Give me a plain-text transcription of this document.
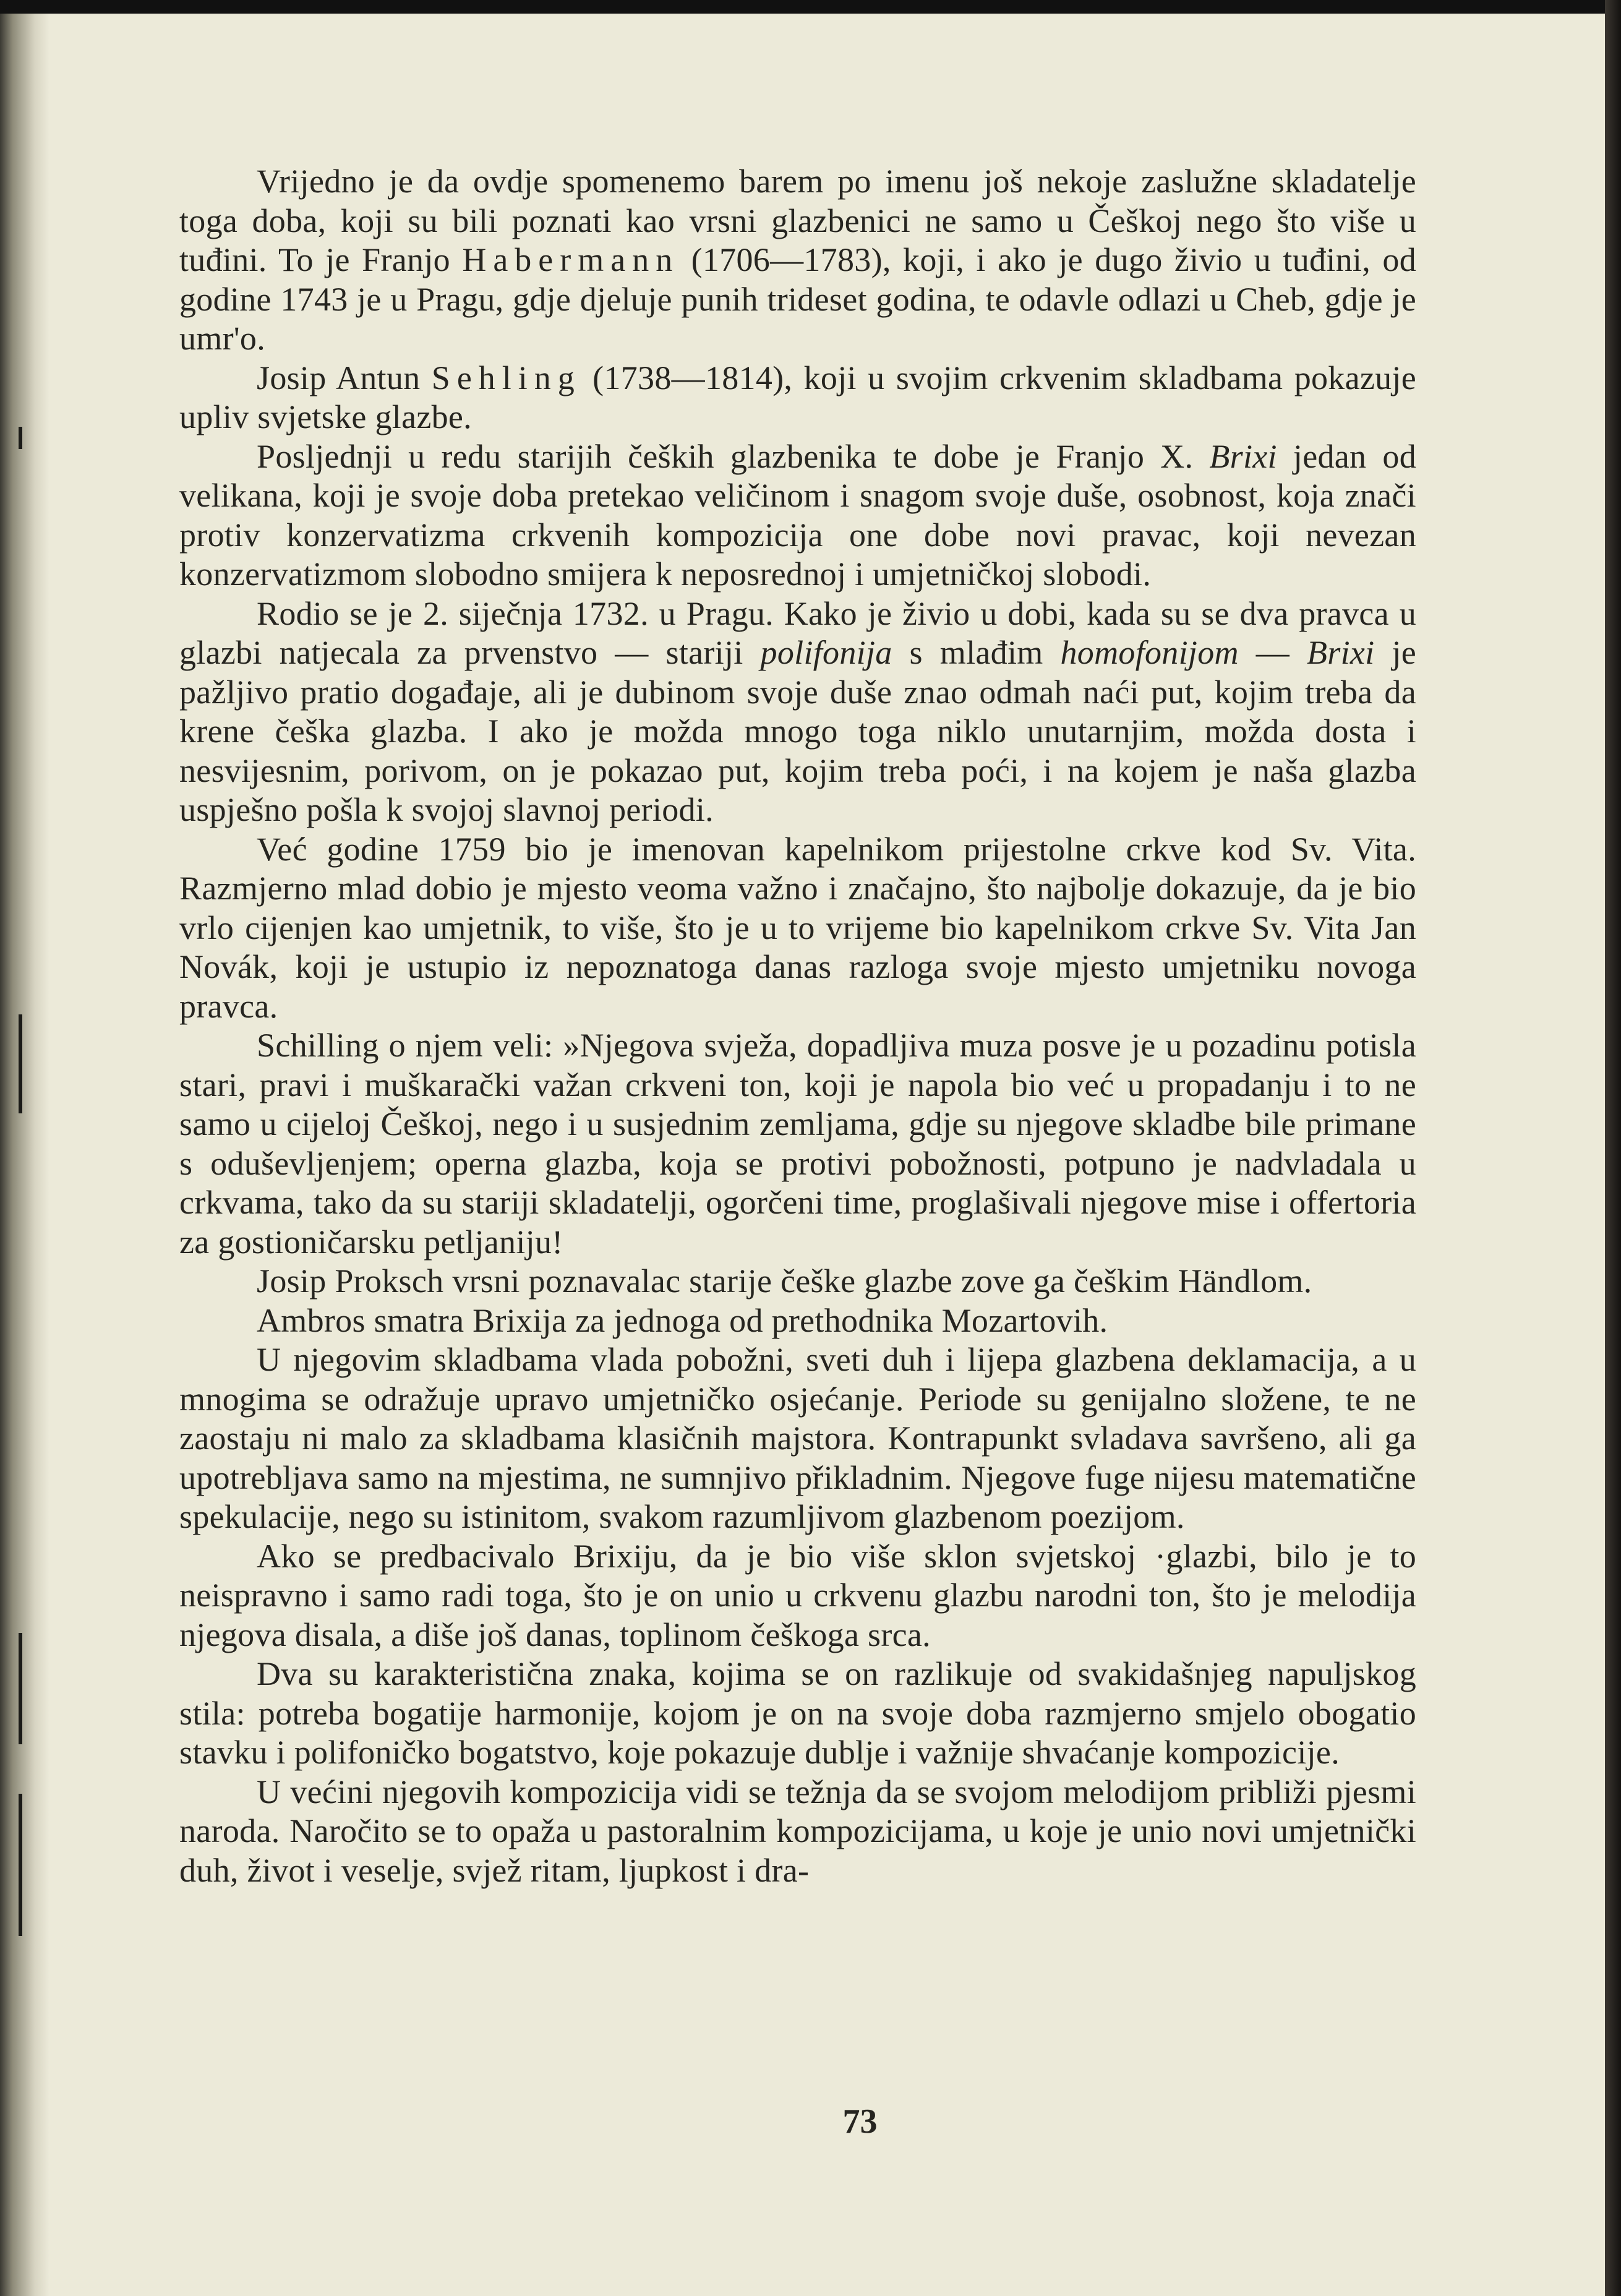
Vrijedno je da ovdje spomenemo barem po imenu još nekoje zaslužne skladatelje toga doba, koji su bili poznati kao vrsni glazbenici ne samo u Češkoj nego što više u tuđini. To je Franjo Habermann (1706—1783), koji, i ako je dugo živio u tuđini, od godine 1743 je u Pragu, gdje djeluje punih trideset godina, te odavle odlazi u Cheb, gdje je umr'o.

Josip Antun Sehling (1738—1814), koji u svojim crkvenim skladbama pokazuje upliv svjetske glazbe.

Posljednji u redu starijih čeških glazbenika te dobe je Franjo X. Brixi jedan od velikana, koji je svoje doba pretekao veličinom i snagom svoje duše, osobnost, koja znači protiv konzervatizma crkvenih kompozicija one dobe novi pravac, koji nevezan konzervatizmom slobodno smijera k neposrednoj i umjetničkoj slobodi.

Rodio se je 2. siječnja 1732. u Pragu. Kako je živio u dobi, kada su se dva pravca u glazbi natjecala za prvenstvo — stariji polifonija s mlađim homofonijom — Brixi je pažljivo pratio događaje, ali je dubinom svoje duše znao odmah naći put, kojim treba da krene češka glazba. I ako je možda mnogo toga niklo unutarnjim, možda dosta i nesvijesnim, porivom, on je pokazao put, kojim treba poći, i na kojem je naša glazba uspješno pošla k svojoj slavnoj periodi.

Već godine 1759 bio je imenovan kapelnikom prijestolne crkve kod Sv. Vita. Razmjerno mlad dobio je mjesto veoma važno i značajno, što najbolje dokazuje, da je bio vrlo cijenjen kao umjetnik, to više, što je u to vrijeme bio kapelnikom crkve Sv. Vita Jan Novák, koji je ustupio iz nepoznatoga danas razloga svoje mjesto umjetniku novoga pravca.

Schilling o njem veli: »Njegova svježa, dopadljiva muza posve je u pozadinu potisla stari, pravi i muškarački važan crkveni ton, koji je napola bio već u propadanju i to ne samo u cijeloj Češkoj, nego i u susjednim zemljama, gdje su njegove skladbe bile primane s oduševljenjem; operna glazba, koja se protivi pobožnosti, potpuno je nadvladala u crkvama, tako da su stariji skladatelji, ogorčeni time, proglašivali njegove mise i offertoria za gostioničarsku petljaniju!

Josip Proksch vrsni poznavalac starije češke glazbe zove ga češkim Händlom.

Ambros smatra Brixija za jednoga od prethodnika Mozartovih.

U njegovim skladbama vlada pobožni, sveti duh i lijepa glazbena deklamacija, a u mnogima se odražuje upravo umjetničko osjećanje. Periode su genijalno složene, te ne zaostaju ni malo za skladbama klasičnih majstora. Kontrapunkt svladava savršeno, ali ga upotrebljava samo na mjestima, ne sumnjivo přikladnim. Njegove fuge nijesu matematične spekulacije, nego su istinitom, svakom razumljivom glazbenom poezijom.

Ako se predbacivalo Brixiju, da je bio više sklon svjetskoj ·glazbi, bilo je to neispravno i samo radi toga, što je on unio u crkvenu glazbu narodni ton, što je melodija njegova disala, a diše još danas, toplinom češkoga srca.

Dva su karakteristična znaka, kojima se on razlikuje od svakidašnjeg napuljskog stila: potreba bogatije harmonije, kojom je on na svoje doba razmjerno smjelo obogatio stavku i polifoničko bogatstvo, koje pokazuje dublje i važnije shvaćanje kompozicije.

U većini njegovih kompozicija vidi se težnja da se svojom melodijom približi pjesmi naroda. Naročito se to opaža u pastoralnim kompozicijama, u koje je unio novi umjetnički duh, život i veselje, svjež ritam, ljupkost i dra-

73
